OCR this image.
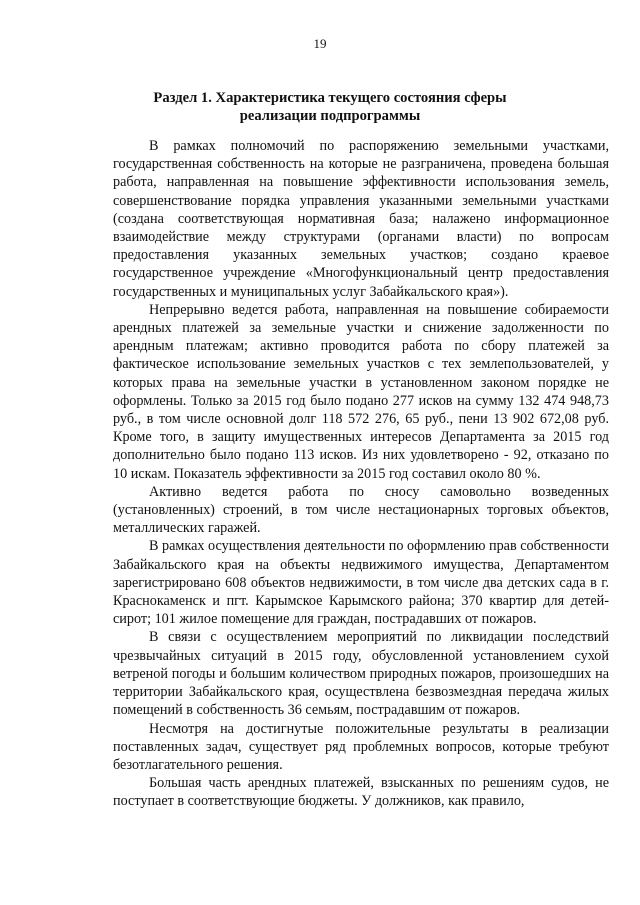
19
Раздел 1. Характеристика текущего состояния сферы реализации подпрограммы

В рамках полномочий по распоряжению земельными участками, государственная собственность на которые не разграничена, проведена большая работа, направленная на повышение эффективности использования земель, совершенствование порядка управления указанными земельными участками (создана соответствующая нормативная база; налажено информационное взаимодействие между структурами (органами власти) по вопросам предоставления указанных земельных участков; создано краевое государственное учреждение «Многофункциональный центр предоставления государственных и муниципальных услуг Забайкальского края»).

Непрерывно ведется работа, направленная на повышение собираемости арендных платежей за земельные участки и снижение задолженности по арендным платежам; активно проводится работа по сбору платежей за фактическое использование земельных участков с тех землепользователей, у которых права на земельные участки в установленном законом порядке не оформлены. Только за 2015 год было подано 277 исков на сумму 132 474 948,73 руб., в том числе основной долг 118 572 276, 65 руб., пени 13 902 672,08 руб. Кроме того, в защиту имущественных интересов Департамента за 2015 год дополнительно было подано 113 исков. Из них удовлетворено - 92, отказано по 10 искам. Показатель эффективности за 2015 год составил около 80 %.

Активно ведется работа по сносу самовольно возведенных (установленных) строений, в том числе нестационарных торговых объектов, металлических гаражей.

В рамках осуществления деятельности по оформлению прав собственности Забайкальского края на объекты недвижимого имущества, Департаментом зарегистрировано 608 объектов недвижимости, в том числе два детских сада в г. Краснокаменск и пгт. Карымское Карымского района; 370 квартир для детей-сирот; 101 жилое помещение для граждан, пострадавших от пожаров.

В связи с осуществлением мероприятий по ликвидации последствий чрезвычайных ситуаций в 2015 году, обусловленной установлением сухой ветреной погоды и большим количеством природных пожаров, произошедших на территории Забайкальского края, осуществлена безвозмездная передача жилых помещений в собственность 36 семьям, пострадавшим от пожаров.

Несмотря на достигнутые положительные результаты в реализации поставленных задач, существует ряд проблемных вопросов, которые требуют безотлагательного решения.

Большая часть арендных платежей, взысканных по решениям судов, не поступает в соответствующие бюджеты. У должников, как правило,
